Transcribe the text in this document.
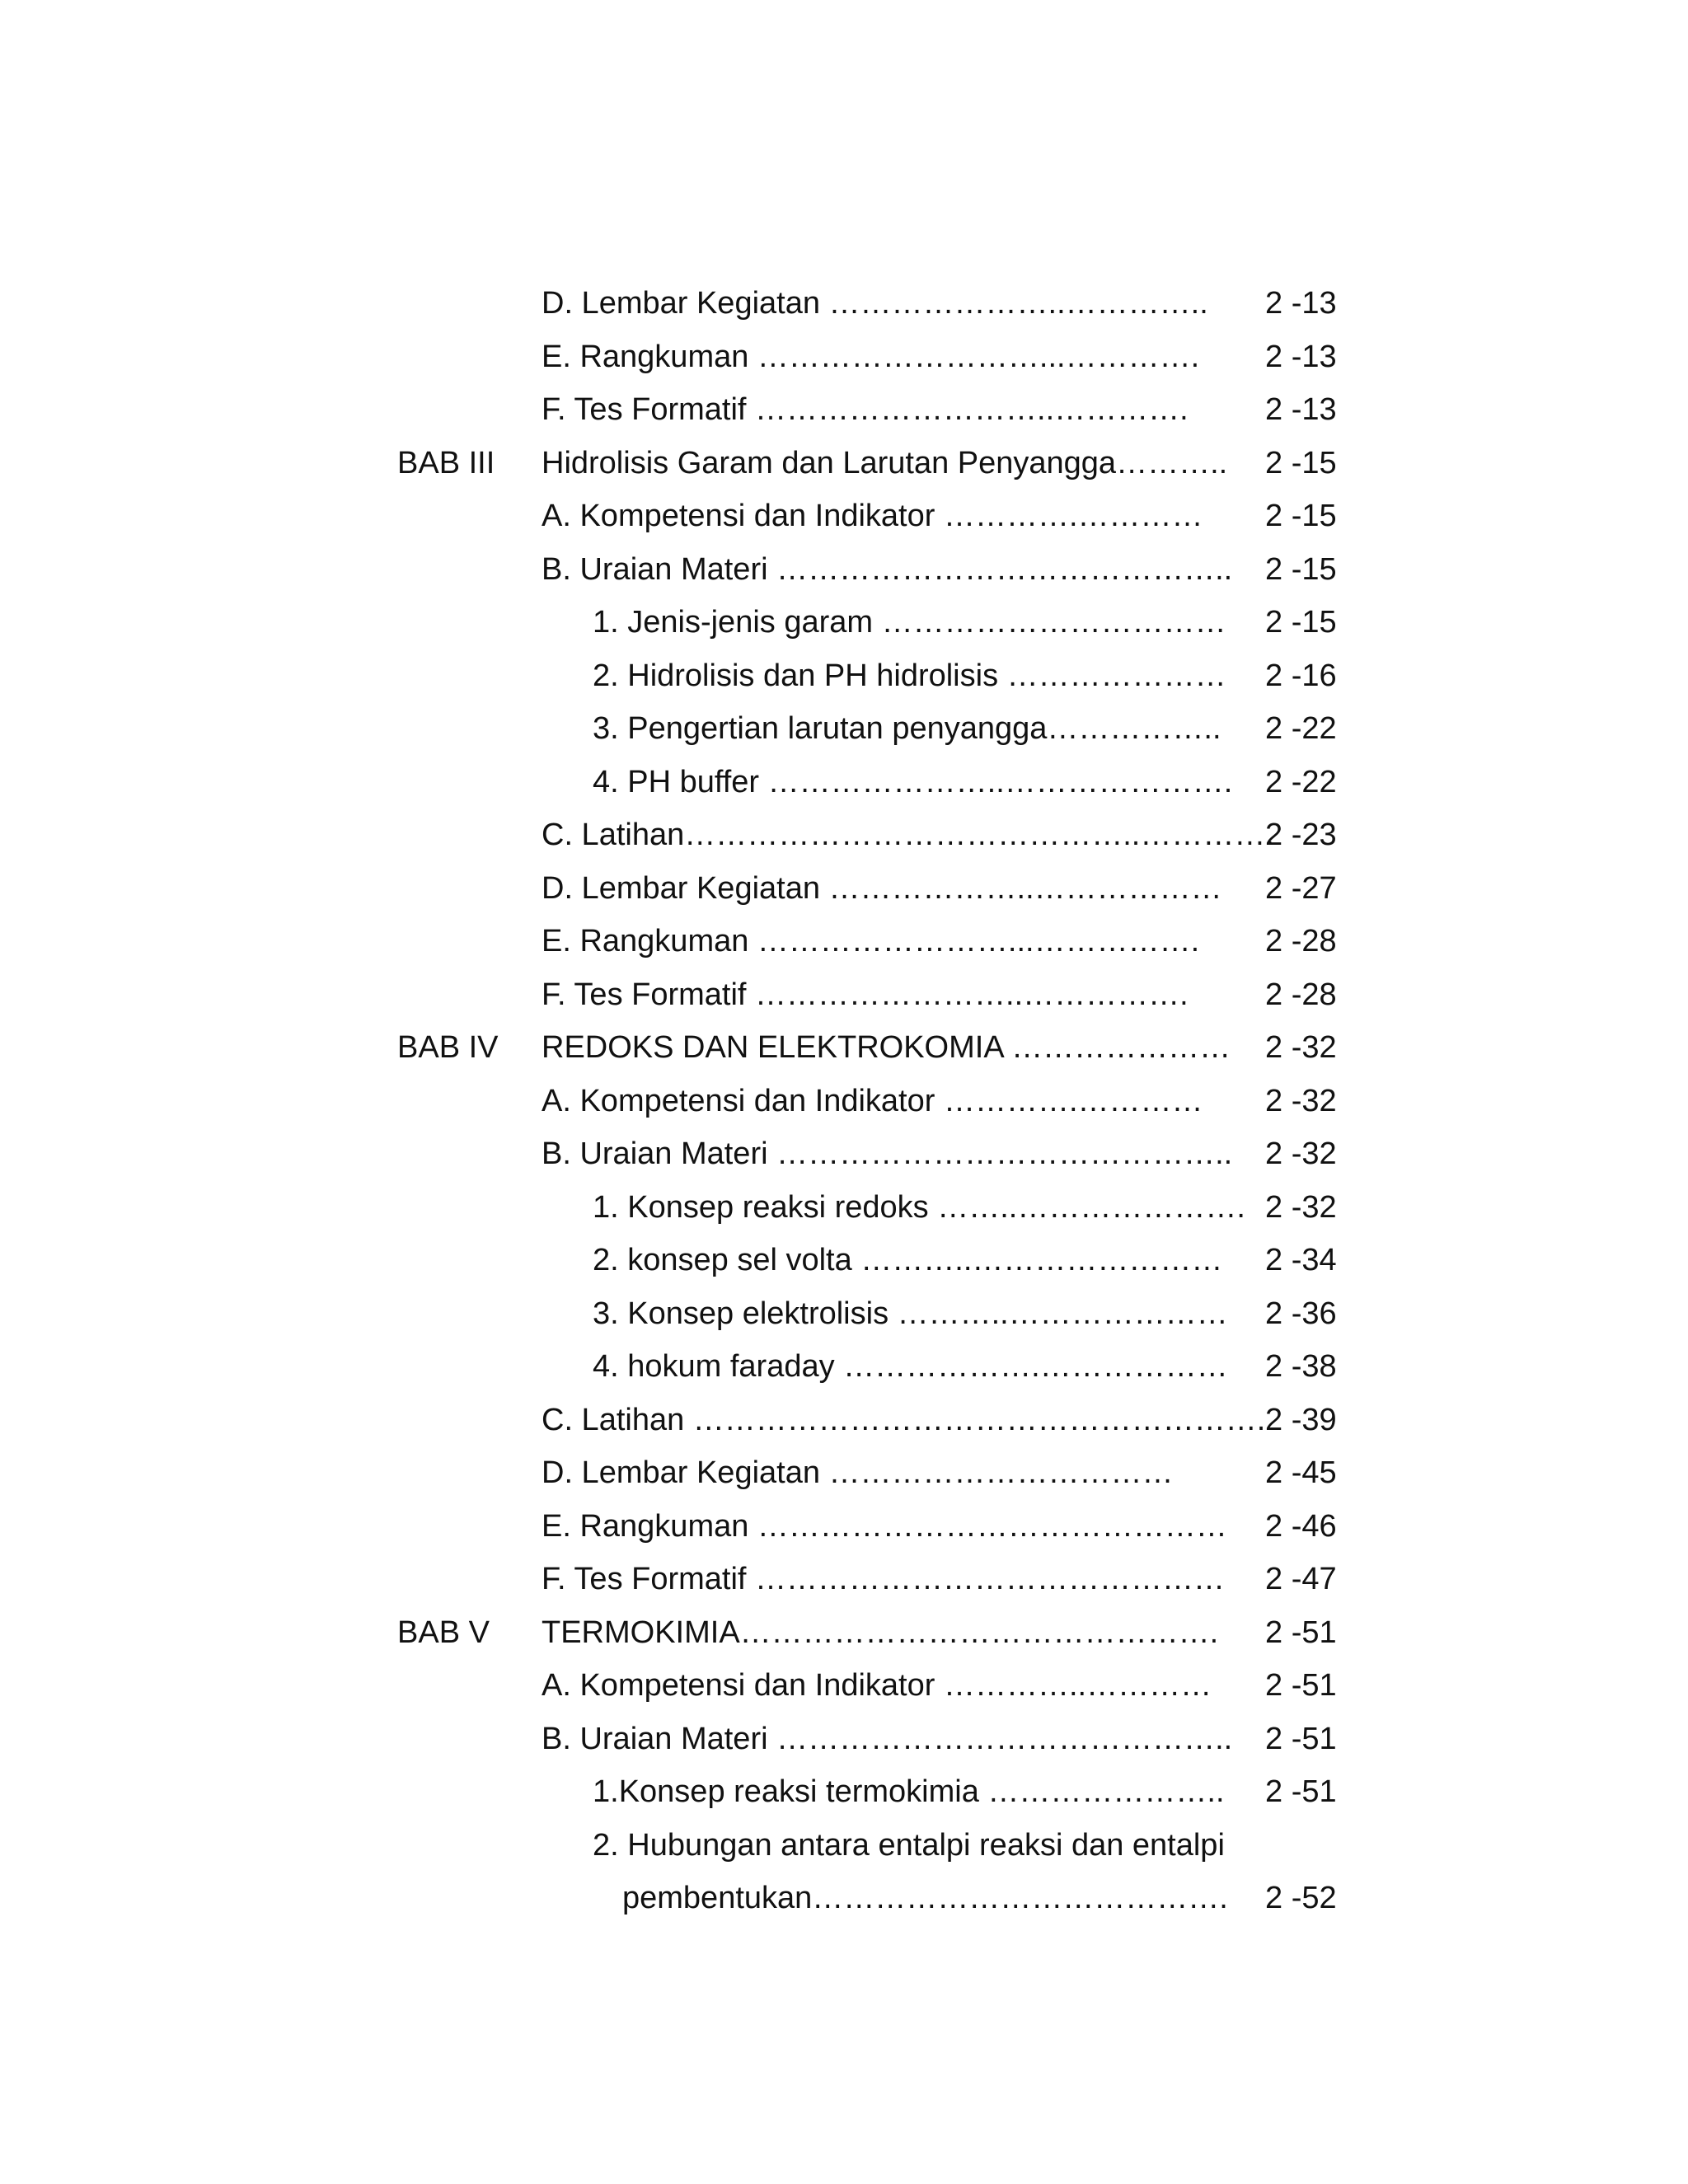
D. Lembar Kegiatan …………………..………….. 2 -13
E. Rangkuman ………………………...…………. 2 -13
F. Tes Formatif ………………………..…………. 2 -13
BAB III Hidrolisis Garam dan Larutan Penyangga……….. 2 -15
A. Kompetensi dan Indikator ………….………… 2 -15
B. Uraian Materi …………………………………….. 2 -15
1. Jenis-jenis garam …………………………… 2 -15
2. Hidrolisis dan PH hidrolisis ………………… 2 -16
3. Pengertian larutan penyangga…………….. 2 -22
4. PH buffer …………………..…………………. 2 -22
C. Latihan……………………………………..………….
2 -23
D. Lembar Kegiatan ………………..……………… 2 -27
E. Rangkuman ……………………...……………. 2 -28
F. Tes Formatif ……………………..……………. 2 -28
BAB IV REDOKS DAN ELEKTROKOMIA ………………… 2 -32
A. Kompetensi dan Indikator ………….………… 2 -32
B. Uraian Materi …………………………………….. 2 -32
1. Konsep reaksi redoks ……..…………………. 2 -32
2. konsep sel volta ………..…………………… 2 -34
3. Konsep elektrolisis ………..………………… 2 -36
4. hokum faraday ……………….……………… 2 -38
C. Latihan ………………………………………………. 2 -39
D. Lembar Kegiatan ……………………………	2 -45
E. Rangkuman ……………………………………… 2 -46
F. Tes Formatif ……………………………………… 2 -47
BAB V TERMOKIMIA………………………………………. 2 -51
A. Kompetensi dan Indikator …………..………… 2 -51
B. Uraian Materi …………………………………….. 2 -51
1.Konsep reaksi termokimia ………………….. 2 -51
2. Hubungan antara entalpi reaksi dan entalpi
pembentukan…………………………………. 2 -52
